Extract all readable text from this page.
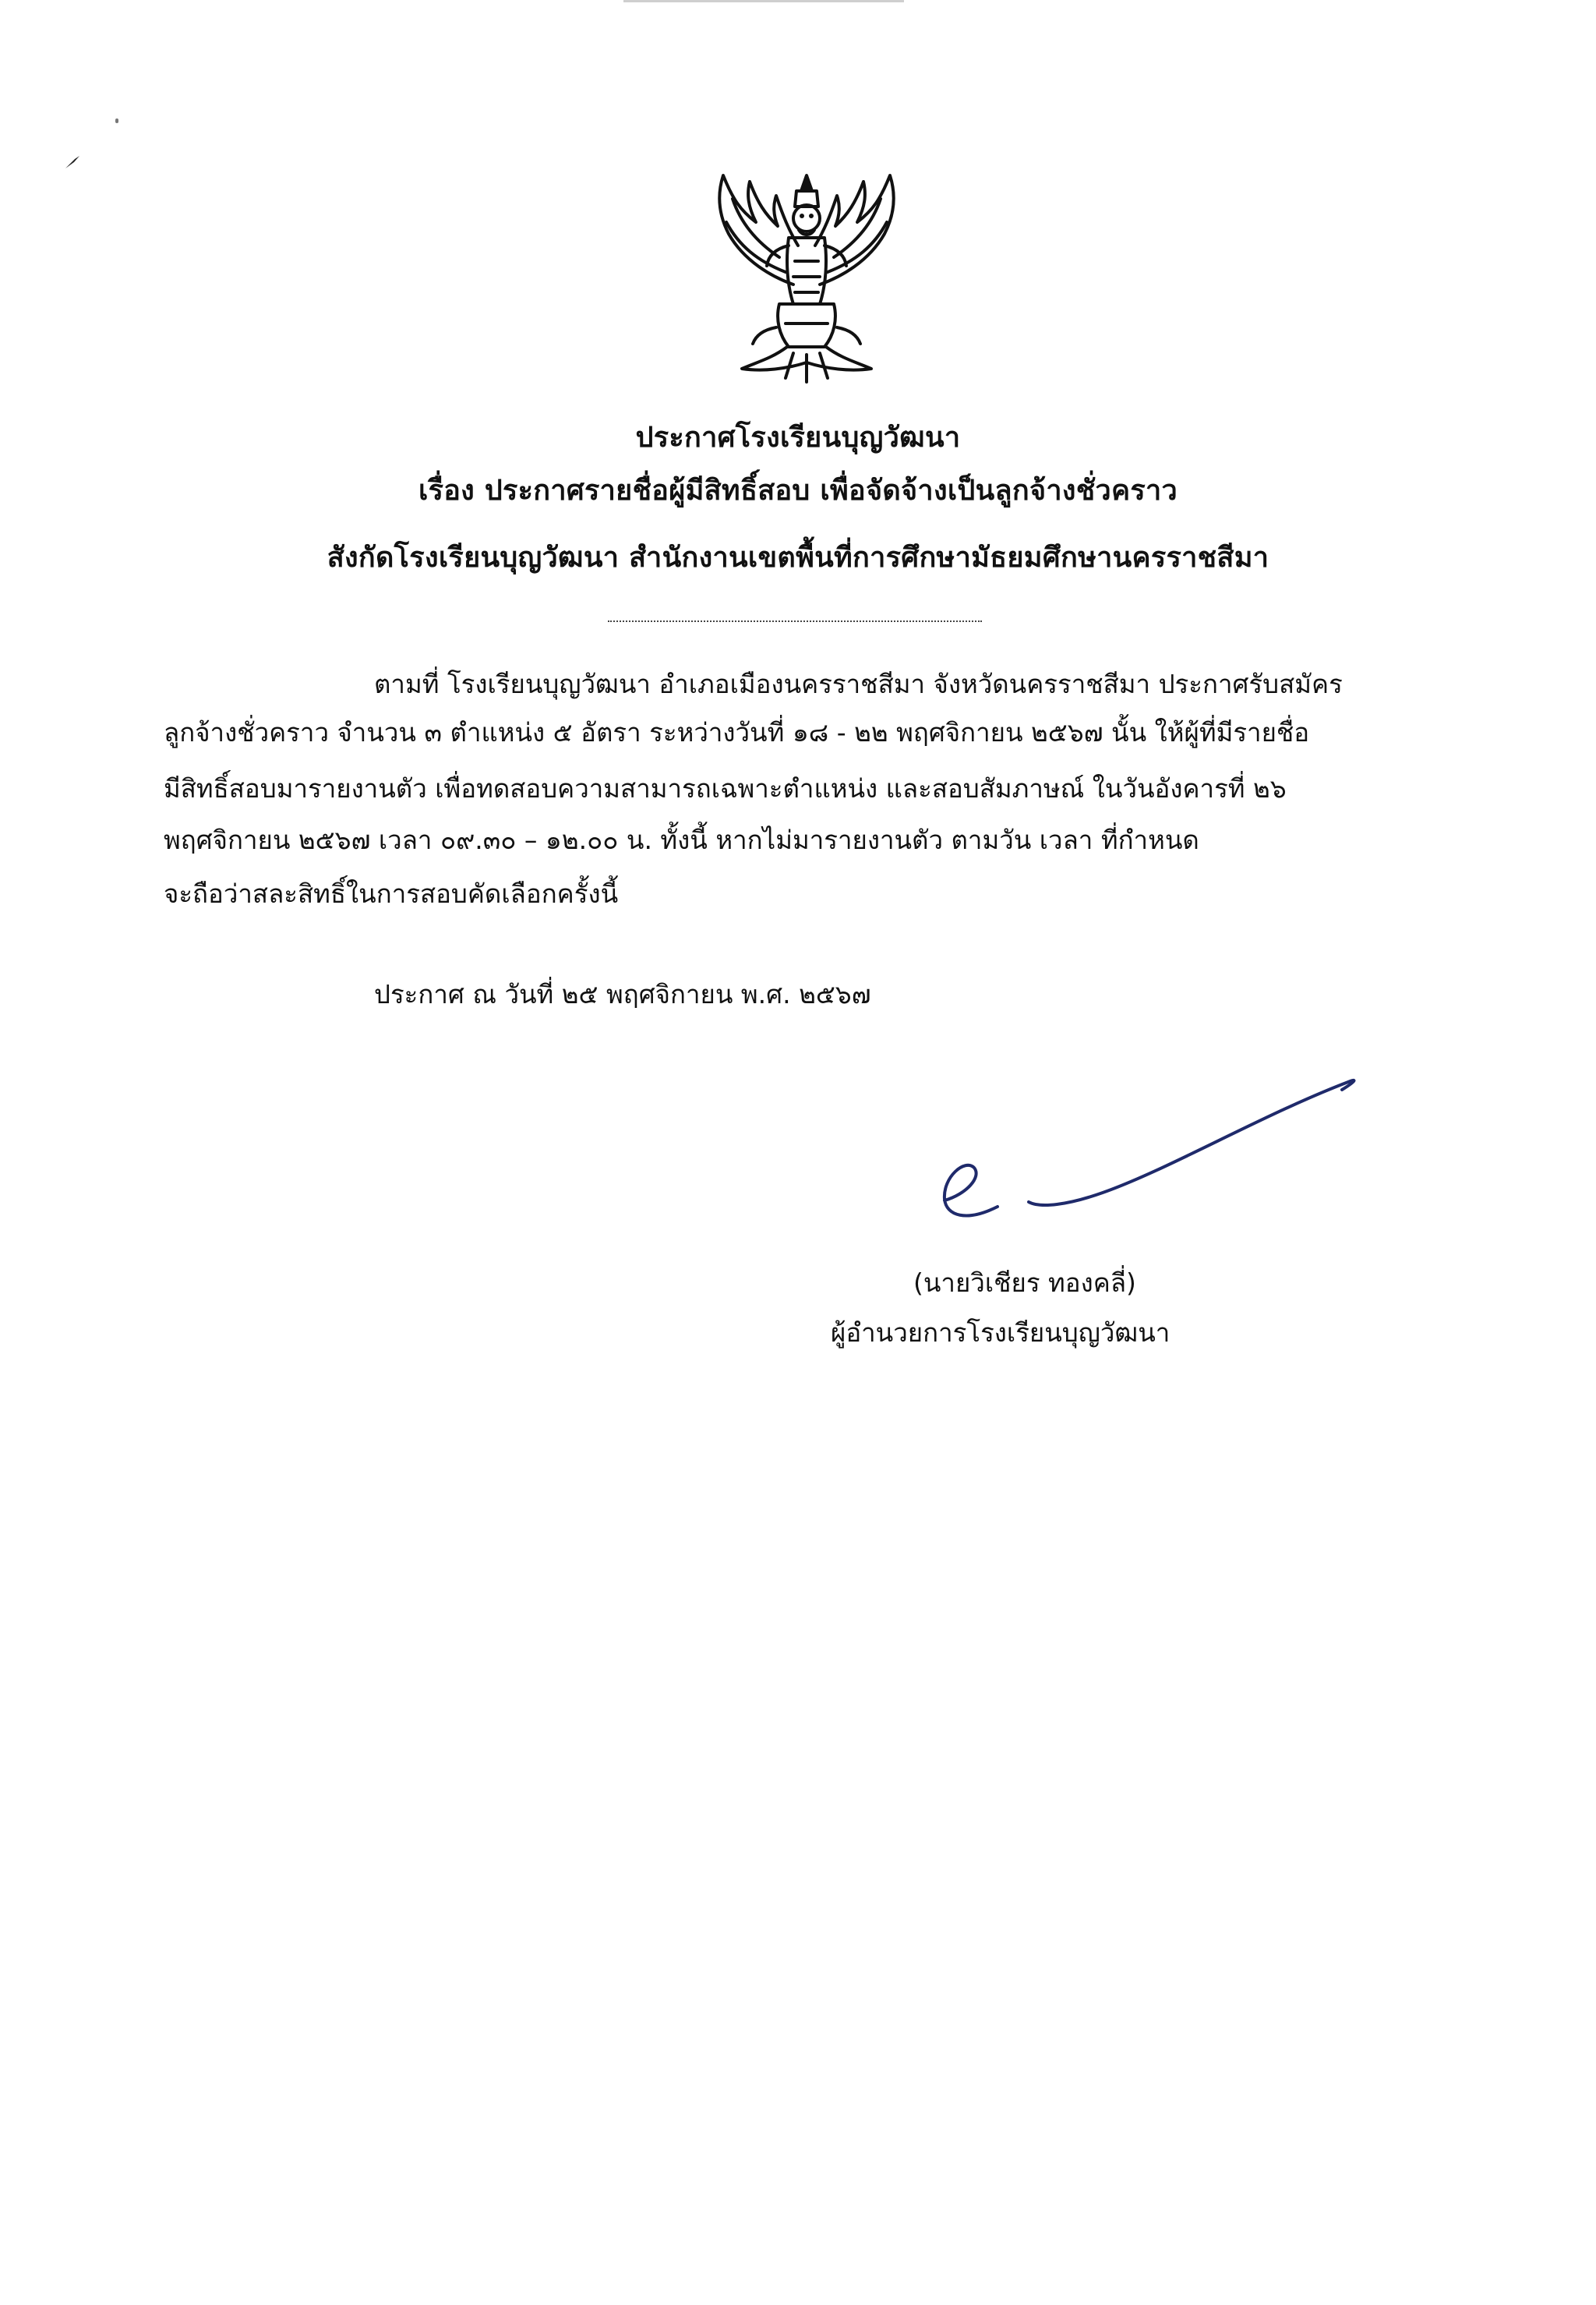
ประกาศโรงเรียนบุญวัฒนา
เรื่อง ประกาศรายชื่อผู้มีสิทธิ์สอบ เพื่อจัดจ้างเป็นลูกจ้างชั่วคราว
สังกัดโรงเรียนบุญวัฒนา สำนักงานเขตพื้นที่การศึกษามัธยมศึกษานครราชสีมา
ตามที่ โรงเรียนบุญวัฒนา อำเภอเมืองนครราชสีมา จังหวัดนครราชสีมา ประกาศรับสมัคร
ลูกจ้างชั่วคราว จำนวน ๓ ตำแหน่ง ๕ อัตรา ระหว่างวันที่ ๑๘ - ๒๒ พฤศจิกายน ๒๕๖๗ นั้น ให้ผู้ที่มีรายชื่อ
มีสิทธิ์สอบมารายงานตัว เพื่อทดสอบความสามารถเฉพาะตำแหน่ง และสอบสัมภาษณ์ ในวันอังคารที่ ๒๖
พฤศจิกายน ๒๕๖๗ เวลา ๐๙.๓๐ – ๑๒.๐๐ น. ทั้งนี้ หากไม่มารายงานตัว ตามวัน เวลา ที่กำหนด
จะถือว่าสละสิทธิ์ในการสอบคัดเลือกครั้งนี้
ประกาศ ณ วันที่ ๒๕ พฤศจิกายน พ.ศ. ๒๕๖๗
(นายวิเชียร ทองคลี่)
ผู้อำนวยการโรงเรียนบุญวัฒนา
